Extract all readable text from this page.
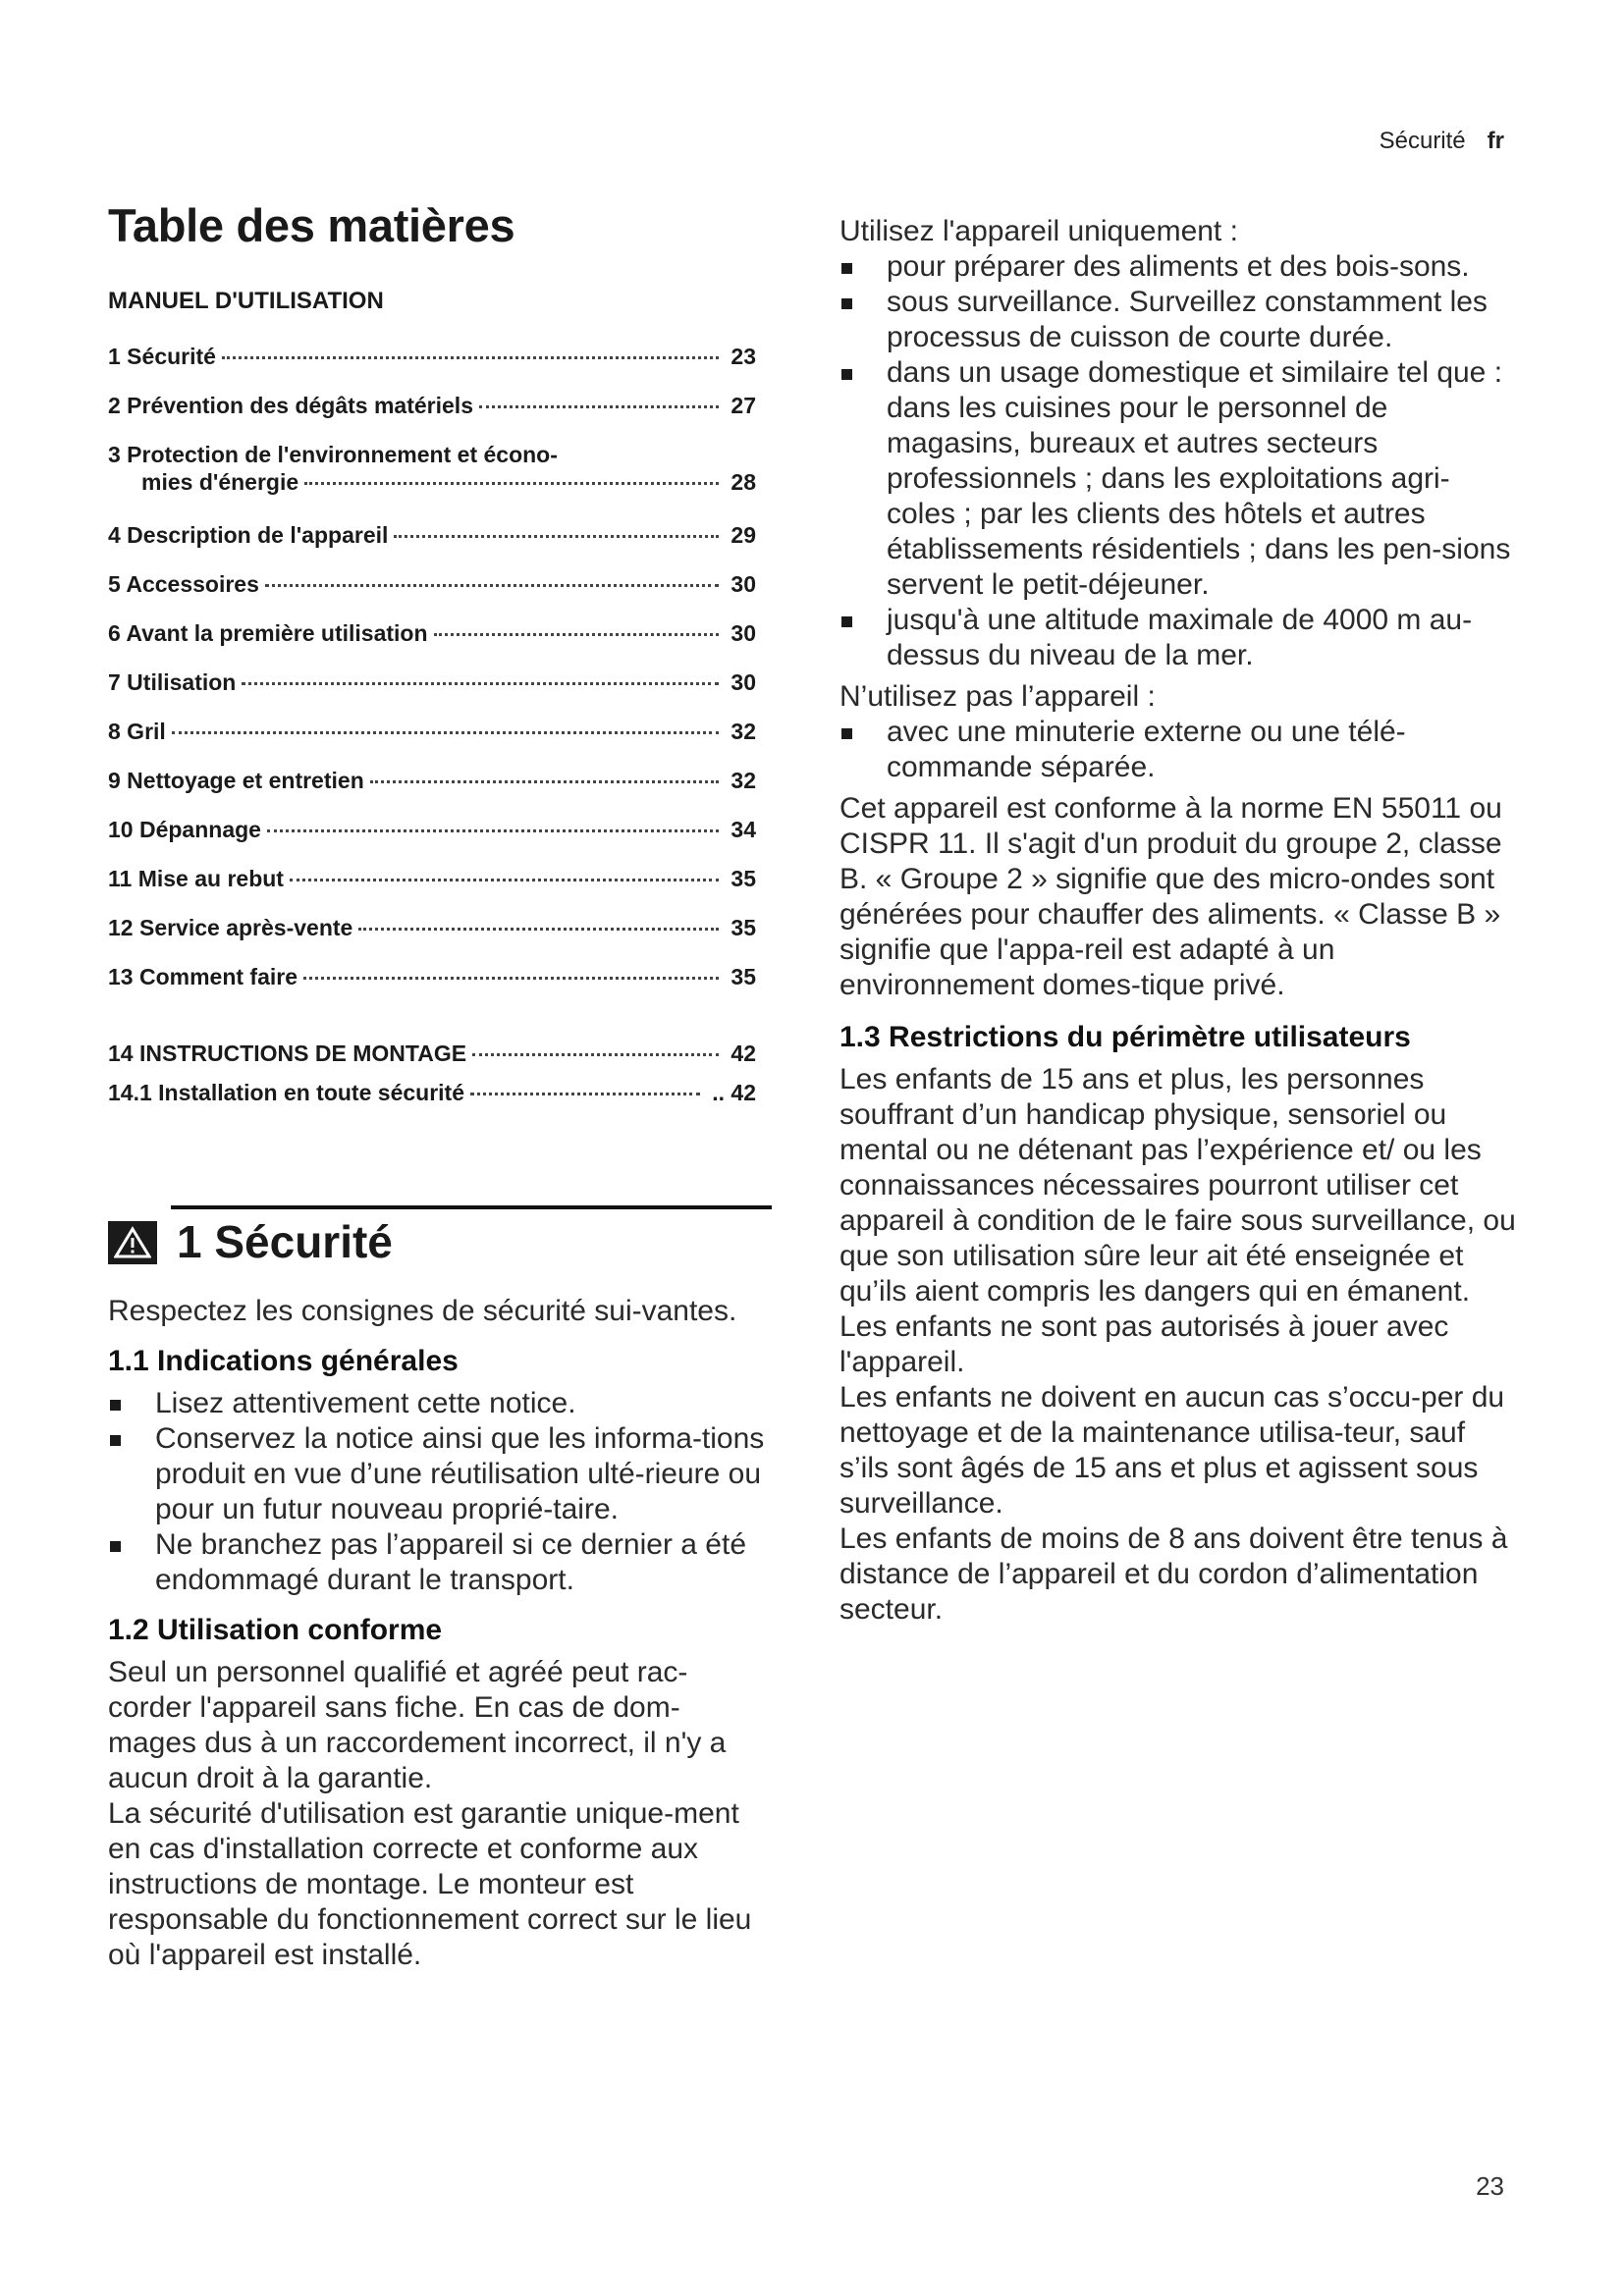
Sécurité fr
Table des matières
MANUEL D'UTILISATION
1 Sécurité	23
2 Prévention des dégâts matériels	27
3 Protection de l'environnement et écono-
mies d'énergie	28
4 Description de l'appareil	29
5 Accessoires	30
6 Avant la première utilisation	30
7 Utilisation	30
8 Gril	32
9 Nettoyage et entretien	32
10 Dépannage	34
11 Mise au rebut	35
12 Service après-vente	35
13 Comment faire	35
14 INSTRUCTIONS DE MONTAGE	42
14.1 Installation en toute sécurité	.. 42
1 Sécurité

Respectez les consignes de sécurité sui-vantes.

1.1 Indications générales
Lisez attentivement cette notice.
Conservez la notice ainsi que les informa-tions produit en vue d’une réutilisation ulté-rieure ou pour un futur nouveau proprié-taire.
Ne branchez pas l’appareil si ce dernier a été endommagé durant le transport.
1.2 Utilisation conforme

Seul un personnel qualifié et agréé peut rac-corder l'appareil sans fiche. En cas de dom-mages dus à un raccordement incorrect, il n'y a aucun droit à la garantie.

La sécurité d'utilisation est garantie unique-ment en cas d'installation correcte et conforme aux instructions de montage. Le monteur est responsable du fonctionnement correct sur le lieu où l'appareil est installé.

Utilisez l'appareil uniquement :

pour préparer des aliments et des bois-sons.
sous surveillance. Surveillez constamment les processus de cuisson de courte durée.
dans un usage domestique et similaire tel que : dans les cuisines pour le personnel de magasins, bureaux et autres secteurs professionnels ; dans les exploitations agri-coles ; par les clients des hôtels et autres établissements résidentiels ; dans les pen-sions servent le petit-déjeuner.
jusqu'à une altitude maximale de 4000 m au-dessus du niveau de la mer.

N’utilisez pas l’appareil :

avec une minuterie externe ou une télé-commande séparée.

Cet appareil est conforme à la norme EN 55011 ou CISPR 11. Il s'agit d'un produit du groupe 2, classe B. « Groupe 2 » signifie que des micro-ondes sont générées pour chauffer des aliments. « Classe B » signifie que l'appa-reil est adapté à un environnement domes-tique privé.

1.3 Restrictions du périmètre utilisateurs

Les enfants de 15 ans et plus, les personnes souffrant d’un handicap physique, sensoriel ou mental ou ne détenant pas l’expérience et/ ou les connaissances nécessaires pourront utiliser cet appareil à condition de le faire sous surveillance, ou que son utilisation sûre leur ait été enseignée et qu’ils aient compris les dangers qui en émanent.

Les enfants ne sont pas autorisés à jouer avec l'appareil.

Les enfants ne doivent en aucun cas s’occu-per du nettoyage et de la maintenance utilisa-teur, sauf s’ils sont âgés de 15 ans et plus et agissent sous surveillance.

Les enfants de moins de 8 ans doivent être tenus à distance de l’appareil et du cordon d’alimentation secteur.

23
